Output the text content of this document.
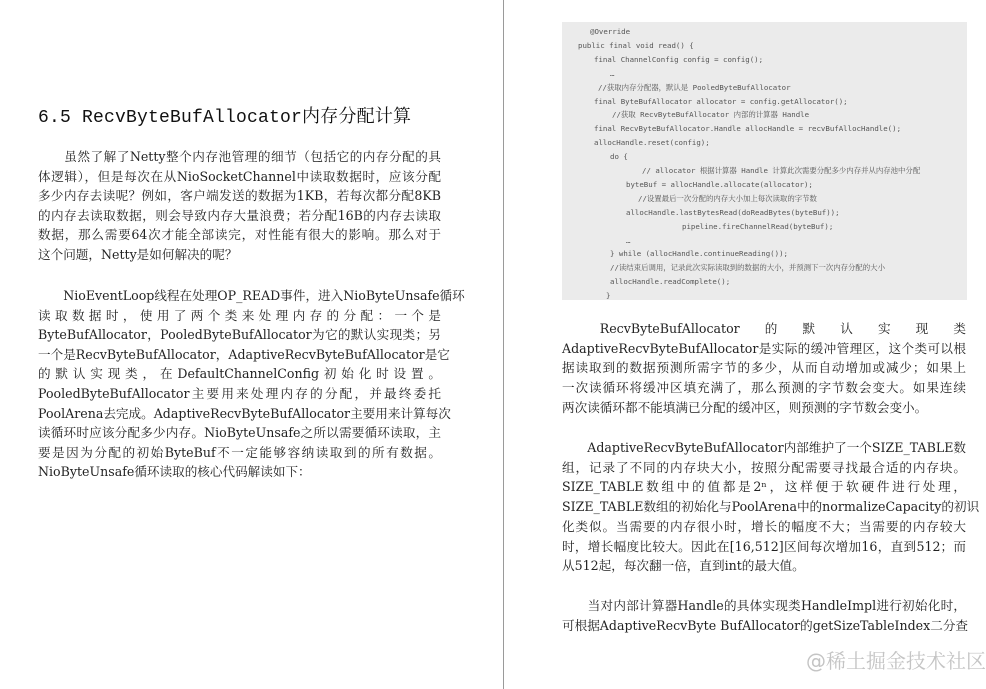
6.5 RecvByteBufAllocator内存分配计算
　　虽然了解了Netty整个内存池管理的细节（包括它的内存分配的具
体逻辑），但是每次在从NioSocketChannel中读取数据时，应该分配
多少内存去读呢？例如，客户端发送的数据为1KB，若每次都分配8KB
的内存去读取数据，则会导致内存大量浪费；若分配16B的内存去读取
数据，那么需要64次才能全部读完，对性能有很大的影响。那么对于
这个问题，Netty是如何解决的呢？
　　NioEventLoop线程在处理OP_READ事件，进入NioByteUnsafe循环
读取数据时，使用了两个类来处理内存的分配：一个是
ByteBufAllocator，PooledByteBufAllocator为它的默认实现类；另
一个是RecvByteBufAllocator，AdaptiveRecvByteBufAllocator是它
的默认实现类，在DefaultChannelConfig初始化时设置。
PooledByteBufAllocator主要用来处理内存的分配，并最终委托
PoolArena去完成。AdaptiveRecvByteBufAllocator主要用来计算每次
读循环时应该分配多少内存。NioByteUnsafe之所以需要循环读取，主
要是因为分配的初始ByteBuf不一定能够容纳读取到的所有数据。
NioByteUnsafe循环读取的核心代码解读如下：
@Override
public final void read() {
final ChannelConfig config = config();
…
//获取内存分配器，默认是 PooledByteBufAllocator
final ByteBufAllocator allocator = config.getAllocator();
//获取 RecvByteBufAllocator 内部的计算器 Handle
final RecvByteBufAllocator.Handle allocHandle = recvBufAllocHandle();
allocHandle.reset(config);
do {
// allocator 根据计算器 Handle 计算此次需要分配多少内存并从内存池中分配
byteBuf = allocHandle.allocate(allocator);
//设置最后一次分配的内存大小加上每次读取的字节数
allocHandle.lastBytesRead(doReadBytes(byteBuf));
pipeline.fireChannelRead(byteBuf);
…
} while (allocHandle.continueReading());
//读结束后调用，记录此次实际读取到的数据的大小，并预测下一次内存分配的大小
allocHandle.readComplete();
}
　　RecvByteBufAllocator　的　默　认　实　现　类
AdaptiveRecvByteBufAllocator是实际的缓冲管理区，这个类可以根
据读取到的数据预测所需字节的多少，从而自动增加或减少；如果上
一次读循环将缓冲区填充满了，那么预测的字节数会变大。如果连续
两次读循环都不能填满已分配的缓冲区，则预测的字节数会变小。
　　AdaptiveRecvByteBufAllocator内部维护了一个SIZE_TABLE数
组，记录了不同的内存块大小，按照分配需要寻找最合适的内存块。
SIZE_TABLE数组中的值都是2ⁿ，这样便于软硬件进行处理，
SIZE_TABLE数组的初始化与PoolArena中的normalizeCapacity的初识
化类似。当需要的内存很小时，增长的幅度不大；当需要的内存较大
时，增长幅度比较大。因此在[16,512]区间每次增加16，直到512；而
从512起，每次翻一倍，直到int的最大值。
　　当对内部计算器Handle的具体实现类HandleImpl进行初始化时，
可根据AdaptiveRecvByte BufAllocator的getSizeTableIndex二分查
@稀土掘金技术社区
